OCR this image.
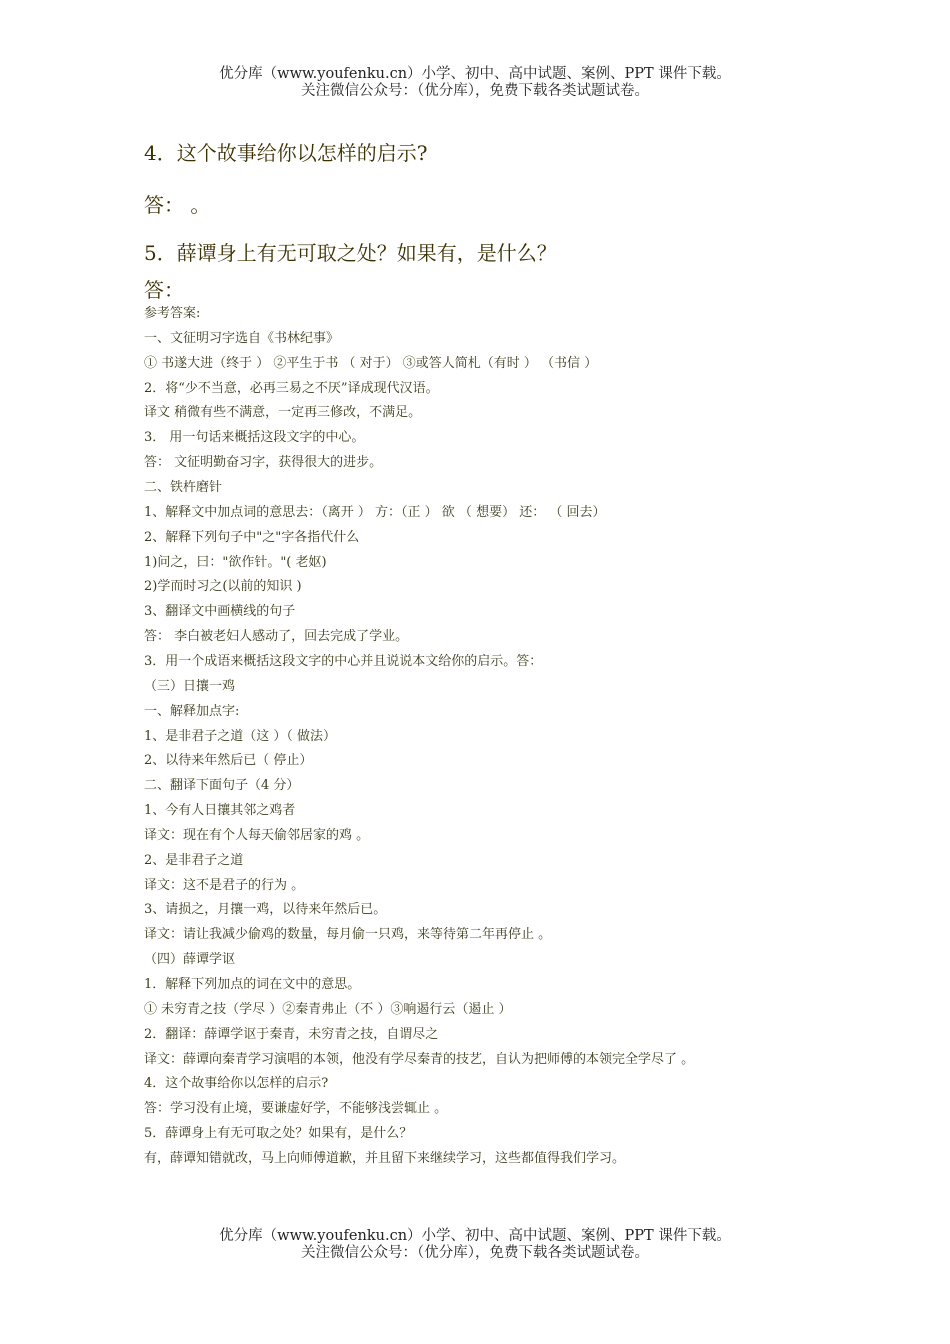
优分库（www.youfenku.cn）小学、初中、高中试题、案例、PPT 课件下载。
关注微信公众号：（优分库），免费下载各类试题试卷。
4．这个故事给你以怎样的启示?
答： 。
5．薛谭身上有无可取之处？如果有，是什么？
答：
参考答案:
一、文征明习字选自《书林纪事》
① 书遂大进（终于 ） ②平生于书 （ 对于） ③或答人简札（有时 ） （书信 ）
2．将“少不当意，必再三易之不厌”译成现代汉语。
译文 稍微有些不满意，一定再三修改，不满足。
3． 用一句话来概括这段文字的中心。
答： 文征明勤奋习字，获得很大的进步。
二、铁杵磨针
1、解释文中加点词的意思去：（离开 ） 方：（正 ） 欲 （ 想要） 还： （ 回去）
2、解释下列句子中"之"字各指代什么
1)问之，曰："欲作针。"( 老妪)
2)学而时习之(以前的知识 )
3、翻译文中画横线的句子
答： 李白被老妇人感动了，回去完成了学业。
3．用一个成语来概括这段文字的中心并且说说本文给你的启示。答：
（三）日攘一鸡
一、解释加点字:
1、是非君子之道（这 ）（ 做法）
2、以待来年然后已（ 停止）
二、翻译下面句子（4 分）
1、今有人日攘其邻之鸡者
译文：现在有个人每天偷邻居家的鸡 。
2、是非君子之道
译文：这不是君子的行为 。
3、请损之，月攘一鸡，以待来年然后已。
译文：请让我减少偷鸡的数量，每月偷一只鸡，来等待第二年再停止 。
（四）薛谭学讴
1．解释下列加点的词在文中的意思。
① 未穷青之技（学尽 ）②秦青弗止（不 ）③响遏行云（遏止 ）
2．翻译：薛谭学讴于秦青，未穷青之技，自谓尽之
译文：薛谭向秦青学习演唱的本领，他没有学尽秦青的技艺，自认为把师傅的本领完全学尽了 。
4．这个故事给你以怎样的启示?
答：学习没有止境，要谦虚好学，不能够浅尝辄止 。
5．薛谭身上有无可取之处？如果有，是什么？
有，薛谭知错就改，马上向师傅道歉，并且留下来继续学习，这些都值得我们学习。
优分库（www.youfenku.cn）小学、初中、高中试题、案例、PPT 课件下载。
关注微信公众号：（优分库），免费下载各类试题试卷。
